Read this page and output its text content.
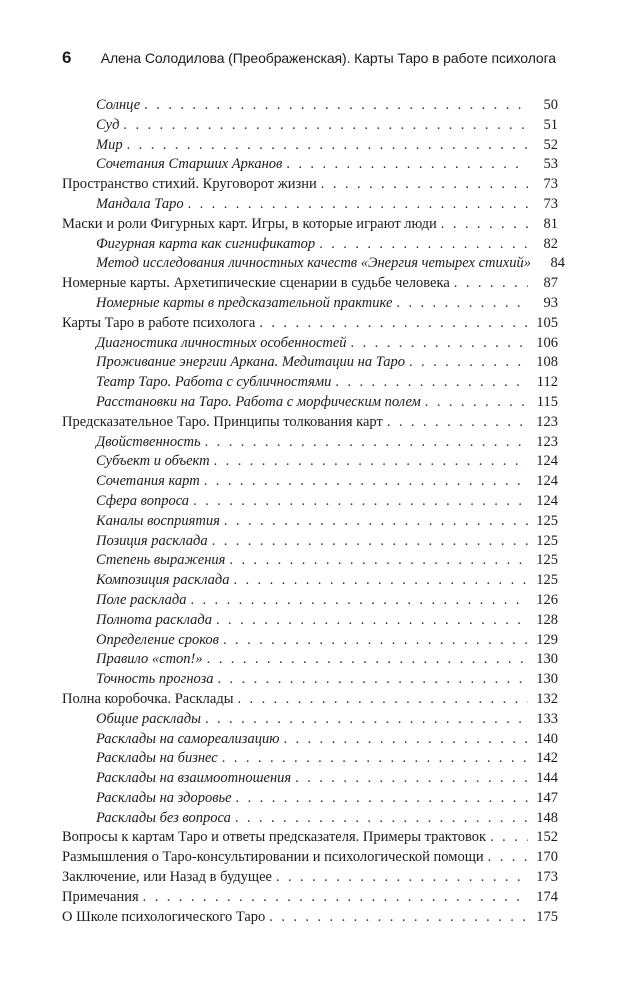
6 Алена Солодилова (Преображенская). Карты Таро в работе психолога
Солнце . . .	50
Суд . . .	51
Мир . . .	52
Сочетания Старших Арканов . . .	53
Пространство стихий. Круговорот жизни . . .	73
Мандала Таро . . .	73
Маски и роли Фигурных карт. Игры, в которые играют люди . . .	81
Фигурная карта как сигнификатор . . .	82
Метод исследования личностных качеств «Энергия четырех стихий»	84
Номерные карты. Архетипические сценарии в судьбе человека . . .	87
Номерные карты в предсказательной практике . . .	93
Карты Таро в работе психолога . . .	105
Диагностика личностных особенностей . . .	106
Проживание энергии Аркана. Медитации на Таро . . .	108
Театр Таро. Работа с субличностями . . .	112
Расстановки на Таро. Работа с морфическим полем . . .	115
Предсказательное Таро. Принципы толкования карт . . .	123
Двойственность . . .	123
Субъект и объект . . .	124
Сочетания карт . . .	124
Сфера вопроса . . .	124
Каналы восприятия . . .	125
Позиция расклада . . .	125
Степень выражения . . .	125
Композиция расклада . . .	125
Поле расклада . . .	126
Полнота расклада . . .	128
Определение сроков . . .	129
Правило «стоп!» . . .	130
Точность прогноза . . .	130
Полна коробочка. Расклады . . .	132
Общие расклады . . .	133
Расклады на самореализацию . . .	140
Расклады на бизнес . . .	142
Расклады на взаимоотношения . . .	144
Расклады на здоровье . . .	147
Расклады без вопроса . . .	148
Вопросы к картам Таро и ответы предсказателя. Примеры трактовок . . .	152
Размышления о Таро-консультировании и психологической помощи . . .	170
Заключение, или Назад в будущее . . .	173
Примечания . . .	174
О Школе психологического Таро . . .	175
